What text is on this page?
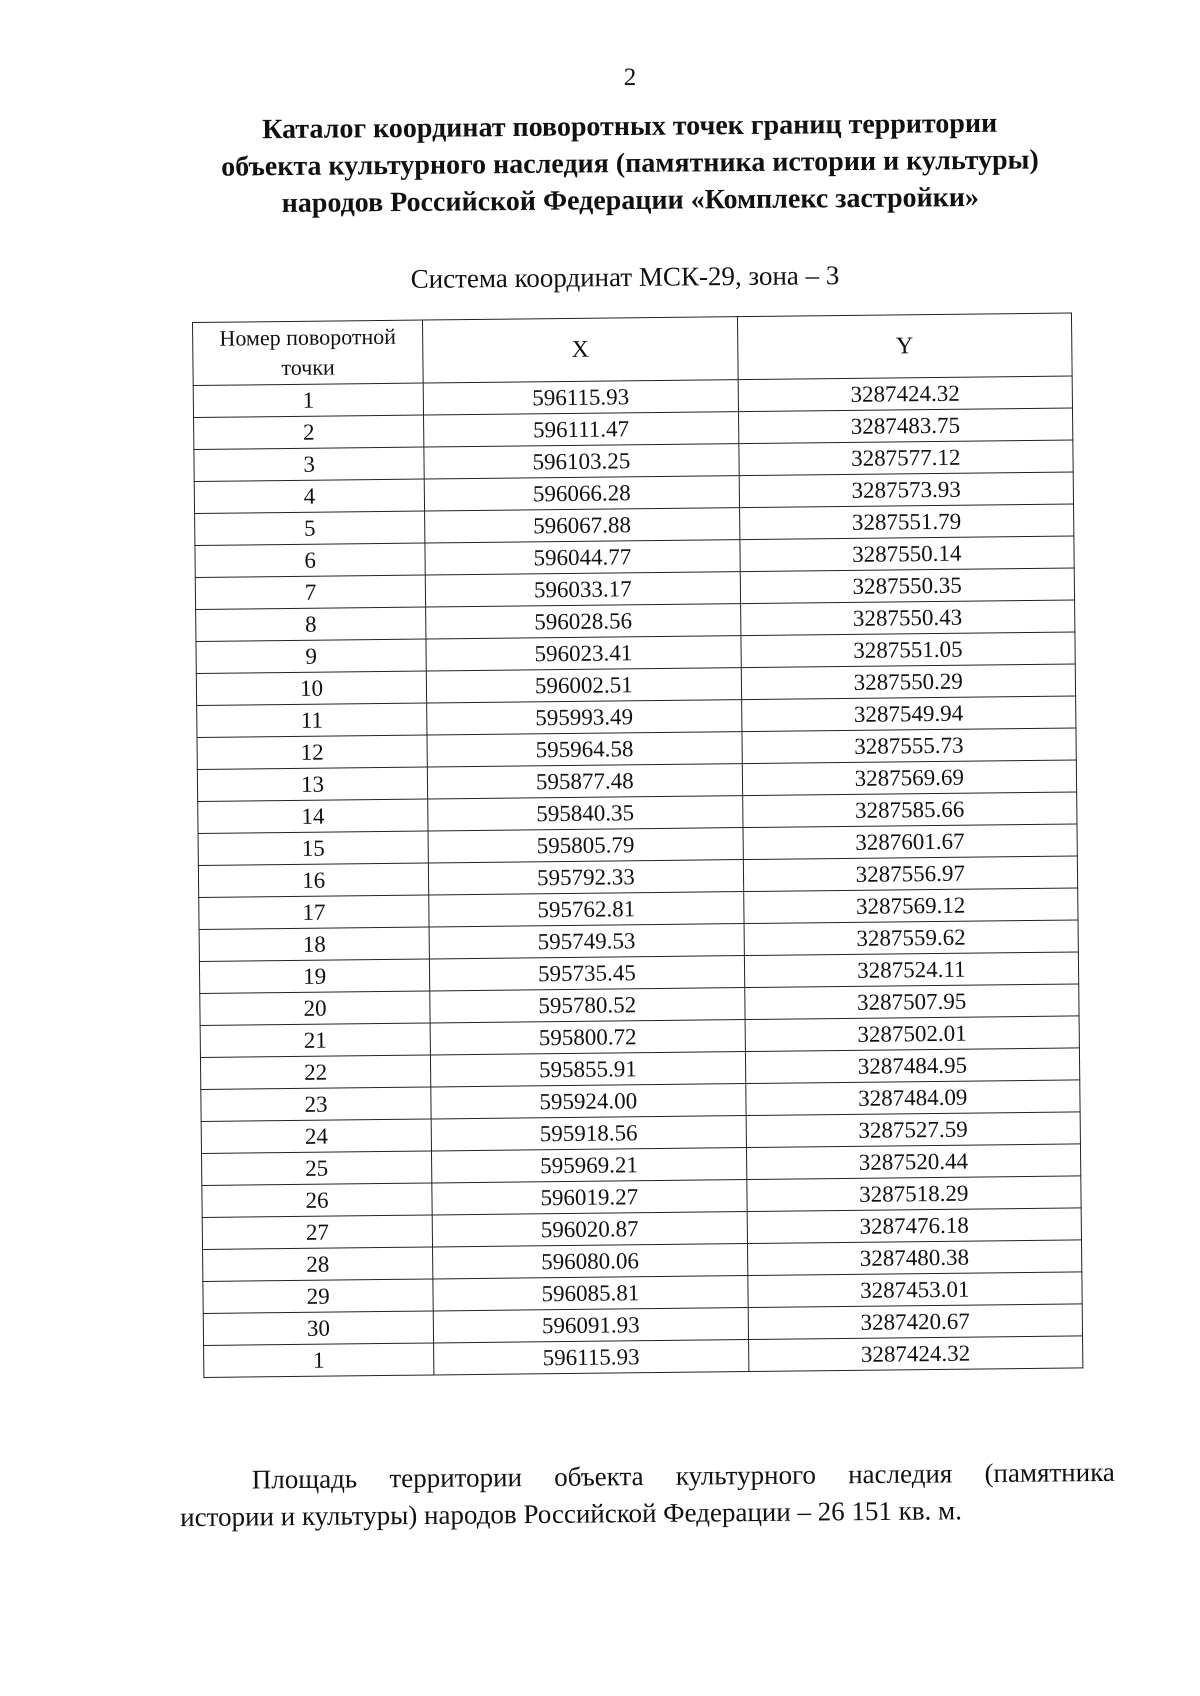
2
Каталог координат поворотных точек границ территории
объекта культурного наследия (памятника истории и культуры)
народов Российской Федерации «Комплекс застройки»
Система координат МСК-29, зона – 3
Номер поворотной точки	X	Y
1	596115.93	3287424.32
2	596111.47	3287483.75
3	596103.25	3287577.12
4	596066.28	3287573.93
5	596067.88	3287551.79
6	596044.77	3287550.14
7	596033.17	3287550.35
8	596028.56	3287550.43
9	596023.41	3287551.05
10	596002.51	3287550.29
11	595993.49	3287549.94
12	595964.58	3287555.73
13	595877.48	3287569.69
14	595840.35	3287585.66
15	595805.79	3287601.67
16	595792.33	3287556.97
17	595762.81	3287569.12
18	595749.53	3287559.62
19	595735.45	3287524.11
20	595780.52	3287507.95
21	595800.72	3287502.01
22	595855.91	3287484.95
23	595924.00	3287484.09
24	595918.56	3287527.59
25	595969.21	3287520.44
26	596019.27	3287518.29
27	596020.87	3287476.18
28	596080.06	3287480.38
29	596085.81	3287453.01
30	596091.93	3287420.67
1	596115.93	3287424.32
Площадь территории объекта культурного наследия (памятника
истории и культуры) народов Российской Федерации – 26 151 кв. м.
